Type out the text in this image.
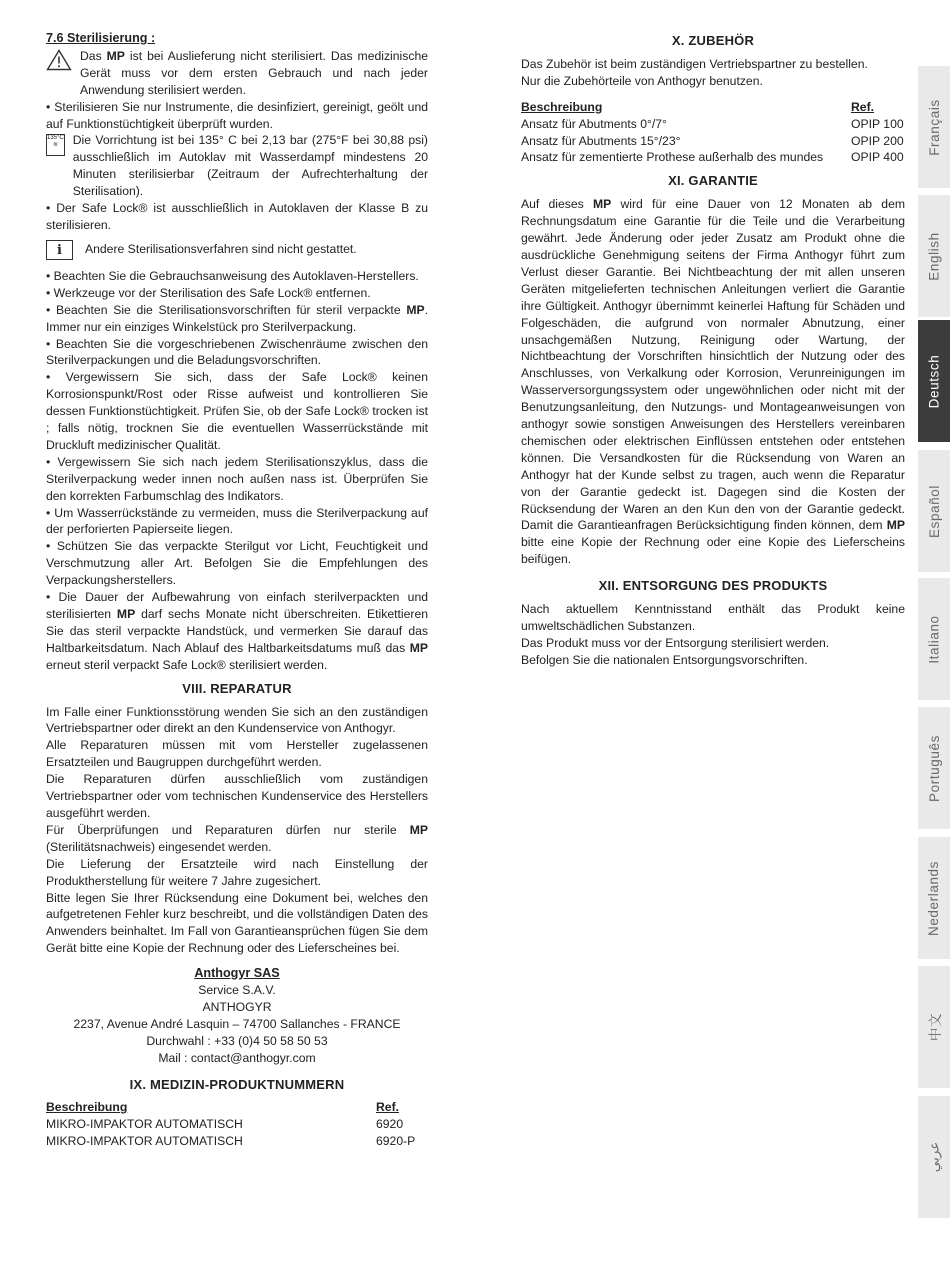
7.6 Sterilisierung :

Das MP ist bei Auslieferung nicht sterilisiert. Das medizinische Gerät muss vor dem ersten Gebrauch und nach jeder Anwendung sterilisiert werden.

• Sterilisieren Sie nur Instrumente, die desinfiziert, gereinigt, geölt und auf Funktionstüchtigkeit überprüft wurden.

135°C
≋	Die Vorrichtung ist bei 135° C bei 2,13 bar (275°F bei 30,88 psi) ausschließlich im Autoklav mit Wasserdampf mindestens 20 Minuten sterilisierbar (Zeitraum der Aufrechterhaltung der Sterilisation).

• Der Safe Lock® ist ausschließlich in Autoklaven der Klasse B zu sterilisieren.

i	Andere Sterilisationsverfahren sind nicht gestattet.

• Beachten Sie die Gebrauchsanweisung des Autoklaven-Herstellers.

• Werkzeuge vor der Sterilisation des Safe Lock® entfernen.

• Beachten Sie die Sterilisationsvorschriften für steril verpackte MP. Immer nur ein einziges Winkelstück pro Sterilverpackung.

• Beachten Sie die vorgeschriebenen Zwischenräume zwischen den Sterilverpackungen und die Beladungsvorschriften.

• Vergewissern Sie sich, dass der Safe Lock® keinen Korrosionspunkt/Rost oder Risse aufweist und kontrollieren Sie dessen Funktionstüchtigkeit. Prüfen Sie, ob der Safe Lock® trocken ist ; falls nötig, trocknen Sie die eventuellen Wasserrückstände mit Druckluft medizinischer Qualität.

• Vergewissern Sie sich nach jedem Sterilisationszyklus, dass die Sterilverpackung weder innen noch außen nass ist. Überprüfen Sie den korrekten Farbumschlag des Indikators.

• Um Wasserrückstände zu vermeiden, muss die Sterilverpackung auf der perforierten Papierseite liegen.

• Schützen Sie das verpackte Sterilgut vor Licht, Feuchtigkeit und Verschmutzung aller Art. Befolgen Sie die Empfehlungen des Verpackungsherstellers.

• Die Dauer der Aufbewahrung von einfach sterilverpackten und sterilisierten MP darf sechs Monate nicht überschreiten. Etikettieren Sie das steril verpackte Handstück, und vermerken Sie darauf das Haltbarkeitsdatum. Nach Ablauf des Haltbarkeitsdatums muß das MP erneut steril verpackt Safe Lock® sterilisiert werden.

VIII. REPARATUR

Im Falle einer Funktionsstörung wenden Sie sich an den zuständigen Vertriebspartner oder direkt an den Kundenservice von Anthogyr.

Alle Reparaturen müssen mit vom Hersteller zugelassenen Ersatzteilen und Baugruppen durchgeführt werden.

Die Reparaturen dürfen ausschließlich vom zuständigen Vertriebspartner oder vom technischen Kundenservice des Herstellers ausgeführt werden.

Für Überprüfungen und Reparaturen dürfen nur sterile MP (Sterilitätsnachweis) eingesendet werden.

Die Lieferung der Ersatzteile wird nach Einstellung der Produktherstellung für weitere 7 Jahre zugesichert.

Bitte legen Sie Ihrer Rücksendung eine Dokument bei, welches den aufgetretenen Fehler kurz beschreibt, und die vollständigen Daten des Anwenders beinhaltet. Im Fall von Garantieansprüchen fügen Sie dem Gerät bitte eine Kopie der Rechnung oder des Lieferscheines bei.

Anthogyr SAS
Service S.A.V.
ANTHOGYR
2237, Avenue André Lasquin – 74700 Sallanches - FRANCE
Durchwahl : +33 (0)4 50 58 50 53
Mail : contact@anthogyr.com

IX. MEDIZIN-PRODUKTNUMMERN

Beschreibung	Ref.
MIKRO-IMPAKTOR AUTOMATISCH	6920
MIKRO-IMPAKTOR AUTOMATISCH	6920-P

X. ZUBEHÖR

Das Zubehör ist beim zuständigen Vertriebspartner zu bestellen.

Nur die Zubehörteile von Anthogyr benutzen.

Beschreibung	Ref.
Ansatz für Abutments 0°/7°	OPIP 100
Ansatz für Abutments 15°/23°	OPIP 200
Ansatz für zementierte Prothese außerhalb des mundes	OPIP 400

XI. GARANTIE

Auf dieses MP wird für eine Dauer von 12 Monaten ab dem Rechnungsdatum eine Garantie für die Teile und die Verarbeitung gewährt. Jede Änderung oder jeder Zusatz am Produkt ohne die ausdrückliche Genehmigung seitens der Firma Anthogyr führt zum Verlust dieser Garantie. Bei Nichtbeachtung der mit allen unseren Geräten mitgelieferten technischen Anleitungen verliert die Garantie ihre Gültigkeit. Anthogyr übernimmt keinerlei Haftung für Schäden und Folgeschäden, die aufgrund von normaler Abnutzung, einer unsachgemäßen Nutzung, Reinigung oder Wartung, der Nichtbeachtung der Vorschriften hinsichtlich der Nutzung oder des Anschlusses, von Verkalkung oder Korrosion, Verunreinigungen im Wasserversorgungssystem oder ungewöhnlichen oder nicht mit der Benutzungsanleitung, den Nutzungs- und Montageanweisungen von anthogyr sowie sonstigen Anweisungen des Herstellers vereinbaren chemischen oder elektrischen Einflüssen entstehen oder entstehen können. Die Versandkosten für die Rücksendung von Waren an Anthogyr hat der Kunde selbst zu tragen, auch wenn die Reparatur von der Garantie gedeckt ist. Dagegen sind die Kosten der Rücksendung der Waren an den Kun den von der Garantie gedeckt. Damit die Garantieanfragen Berücksichtigung finden können, dem MP bitte eine Kopie der Rechnung oder eine Kopie des Lieferscheins beifügen.

XII. ENTSORGUNG DES PRODUKTS

Nach aktuellem Kenntnisstand enthält das Produkt keine umweltschädlichen Substanzen.

Das Produkt muss vor der Entsorgung sterilisiert werden.

Befolgen Sie die nationalen Entsorgungsvorschriften.

Français
English
Deutsch
Español
Italiano
Português
Nederlands
中文
عربي
